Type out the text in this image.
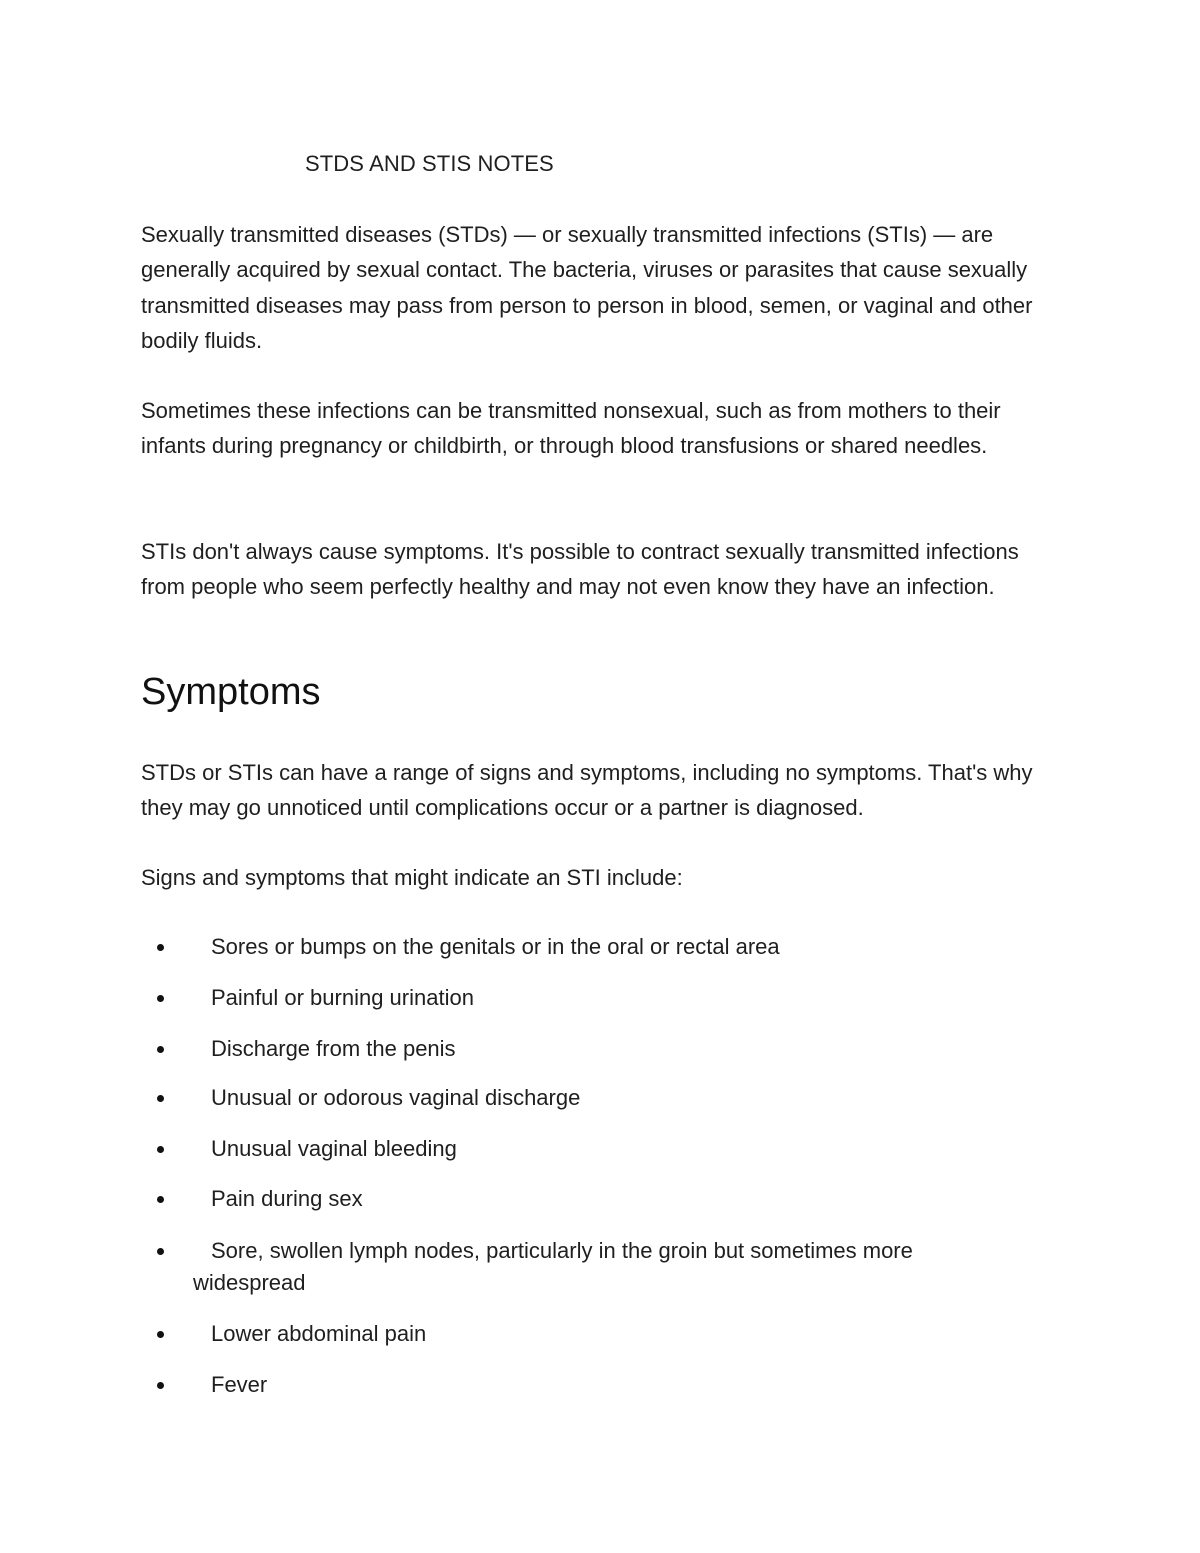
STDS AND STIS NOTES

Sexually transmitted diseases (STDs) — or sexually transmitted infections (STIs) — are generally acquired by sexual contact. The bacteria, viruses or parasites that cause sexually transmitted diseases may pass from person to person in blood, semen, or vaginal and other bodily fluids.

Sometimes these infections can be transmitted nonsexual, such as from mothers to their infants during pregnancy or childbirth, or through blood transfusions or shared needles.

STIs don't always cause symptoms. It's possible to contract sexually transmitted infections from people who seem perfectly healthy and may not even know they have an infection.

Symptoms

STDs or STIs can have a range of signs and symptoms, including no symptoms. That's why they may go unnoticed until complications occur or a partner is diagnosed.

Signs and symptoms that might indicate an STI include:

Sores or bumps on the genitals or in the oral or rectal area
Painful or burning urination
Discharge from the penis
Unusual or odorous vaginal discharge
Unusual vaginal bleeding
Pain during sex
Sore, swollen lymph nodes, particularly in the groin but sometimes more widespread
Lower abdominal pain
Fever
